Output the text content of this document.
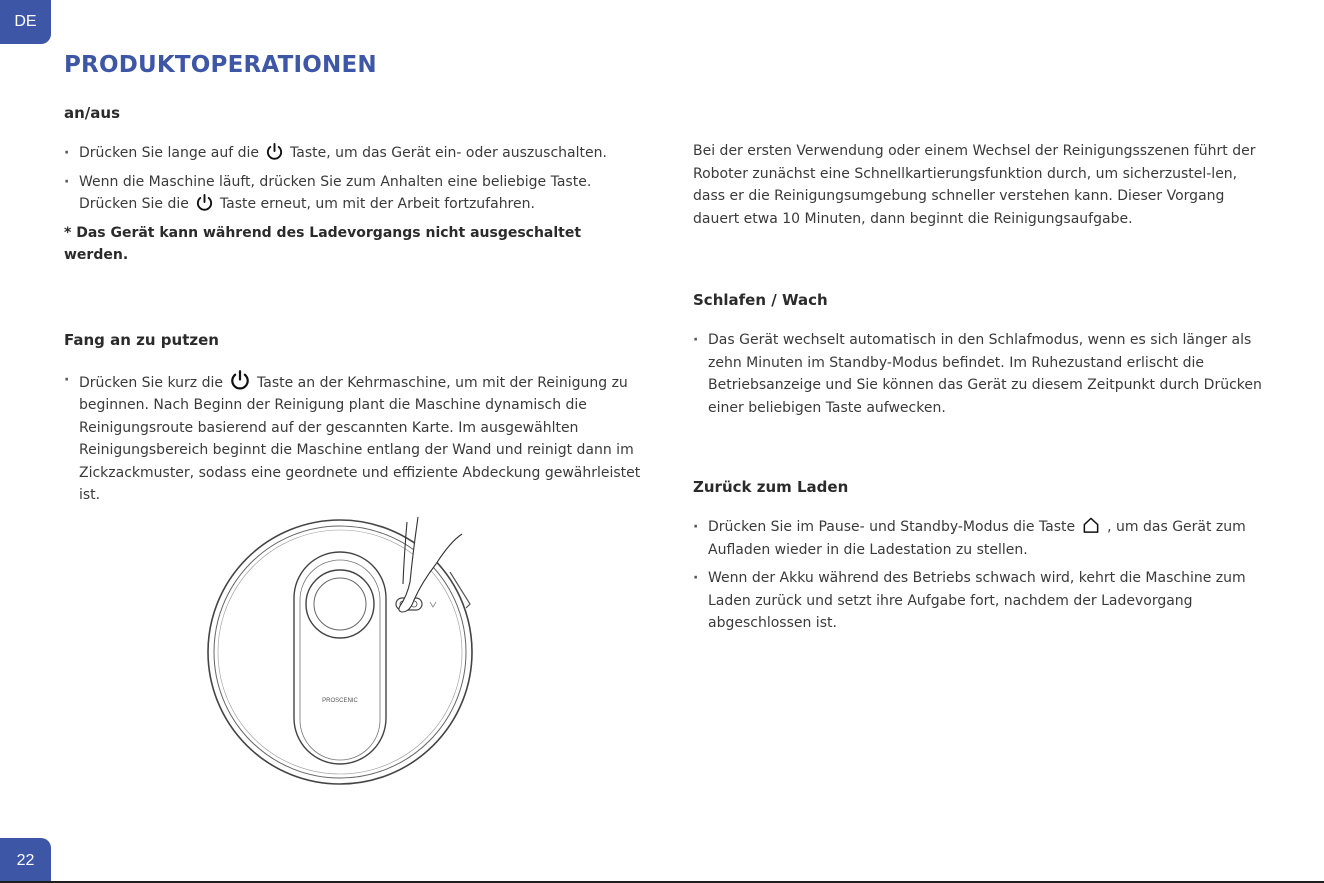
DE
22
PRODUKTOPERATIONEN
an/aus

· Drücken Sie lange auf die Taste, um das Gerät ein- oder auszuschalten.

· Wenn die Maschine läuft, drücken Sie zum Anhalten eine beliebige Taste.
Drücken Sie die Taste erneut, um mit der Arbeit fortzufahren.

* Das Gerät kann während des Ladevorgangs nicht ausgeschaltet werden.

Fang an zu putzen

· Drücken Sie kurz die Taste an der Kehrmaschine, um mit der Reinigung zu beginnen. Nach Beginn der Reinigung plant die Maschine dynamisch die Reinigungsroute basierend auf der gescannten Karte. Im ausgewählten Reinigungsbereich beginnt die Maschine entlang der Wand und reinigt dann im Zickzackmuster, sodass eine geordnete und effiziente Abdeckung gewährleistet ist.

PROSCENIC

Bei der ersten Verwendung oder einem Wechsel der Reinigungsszenen führt der Roboter zunächst eine Schnellkartierungsfunktion durch, um sicherzustel-len, dass er die Reinigungsumgebung schneller verstehen kann. Dieser Vorgang dauert etwa 10 Minuten, dann beginnt die Reinigungsaufgabe.

Schlafen / Wach

· Das Gerät wechselt automatisch in den Schlafmodus, wenn es sich länger als zehn Minuten im Standby-Modus befindet. Im Ruhezustand erlischt die Betriebsanzeige und Sie können das Gerät zu diesem Zeitpunkt durch Drücken einer beliebigen Taste aufwecken.

Zurück zum Laden

· Drücken Sie im Pause- und Standby-Modus die Taste , um das Gerät zum Aufladen wieder in die Ladestation zu stellen.

· Wenn der Akku während des Betriebs schwach wird, kehrt die Maschine zum Laden zurück und setzt ihre Aufgabe fort, nachdem der Ladevorgang abgeschlossen ist.
